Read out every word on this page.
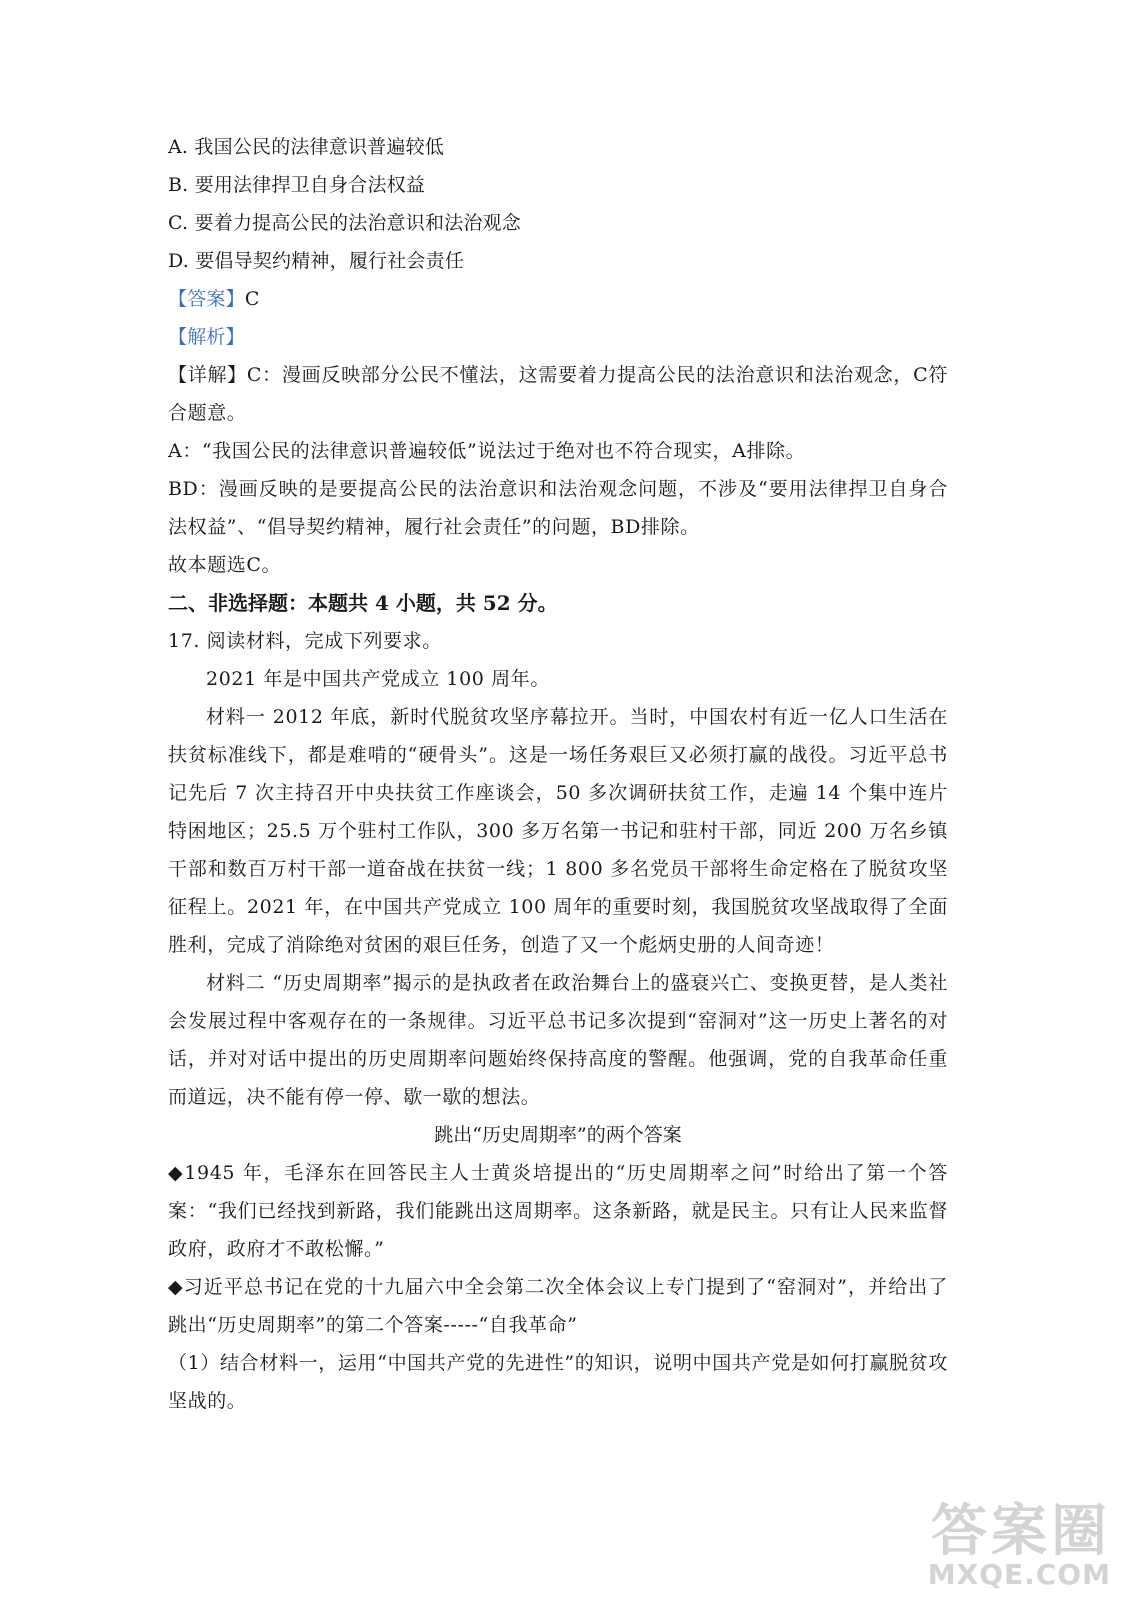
A. 我国公民的法律意识普遍较低
B. 要用法律捍卫自身合法权益
C. 要着力提高公民的法治意识和法治观念
D. 要倡导契约精神，履行社会责任
【答案】C
【解析】
【详解】C：漫画反映部分公民不懂法，这需要着力提高公民的法治意识和法治观念，C符合题意。
A：“我国公民的法律意识普遍较低”说法过于绝对也不符合现实，A排除。
BD：漫画反映的是要提高公民的法治意识和法治观念问题，不涉及“要用法律捍卫自身合法权益”、“倡导契约精神，履行社会责任”的问题，BD排除。
故本题选C。
二、非选择题：本题共 4 小题，共 52 分。
17. 阅读材料，完成下列要求。
2021 年是中国共产党成立 100 周年。
材料一 2012 年底，新时代脱贫攻坚序幕拉开。当时，中国农村有近一亿人口生活在扶贫标准线下，都是难啃的“硬骨头”。这是一场任务艰巨又必须打赢的战役。习近平总书记先后 7 次主持召开中央扶贫工作座谈会，50 多次调研扶贫工作，走遍 14 个集中连片特困地区；25.5 万个驻村工作队，300 多万名第一书记和驻村干部，同近 200 万名乡镇干部和数百万村干部一道奋战在扶贫一线；1 800 多名党员干部将生命定格在了脱贫攻坚征程上。2021 年，在中国共产党成立 100 周年的重要时刻，我国脱贫攻坚战取得了全面胜利，完成了消除绝对贫困的艰巨任务，创造了又一个彪炳史册的人间奇迹！
材料二 “历史周期率”揭示的是执政者在政治舞台上的盛衰兴亡、变换更替，是人类社会发展过程中客观存在的一条规律。习近平总书记多次提到“窑洞对”这一历史上著名的对话，并对对话中提出的历史周期率问题始终保持高度的警醒。他强调，党的自我革命任重而道远，决不能有停一停、歇一歇的想法。
跳出“历史周期率”的两个答案
◆1945 年，毛泽东在回答民主人士黄炎培提出的“历史周期率之问”时给出了第一个答案：“我们已经找到新路，我们能跳出这周期率。这条新路，就是民主。只有让人民来监督政府，政府才不敢松懈。”
◆习近平总书记在党的十九届六中全会第二次全体会议上专门提到了“窑洞对”，并给出了跳出“历史周期率”的第二个答案-----“自我革命”
（1）结合材料一，运用“中国共产党的先进性”的知识，说明中国共产党是如何打赢脱贫攻坚战的。
答案圈
MXQE.COM
